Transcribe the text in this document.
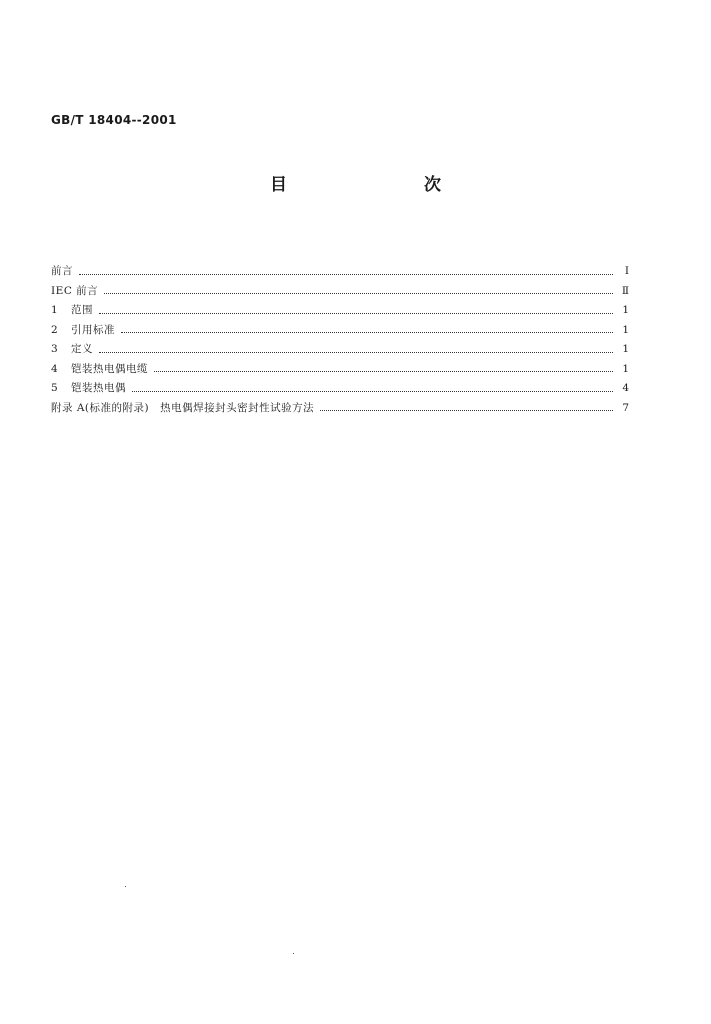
GB/T 18404--2001
目　次
前言	I
IEC 前言	Ⅱ
1	范围	1
2	引用标准	1
3	定义	1
4	铠装热电偶电缆	1
5	铠装热电偶	4
附录 A(标准的附录)　热电偶焊接封头密封性试验方法	7
